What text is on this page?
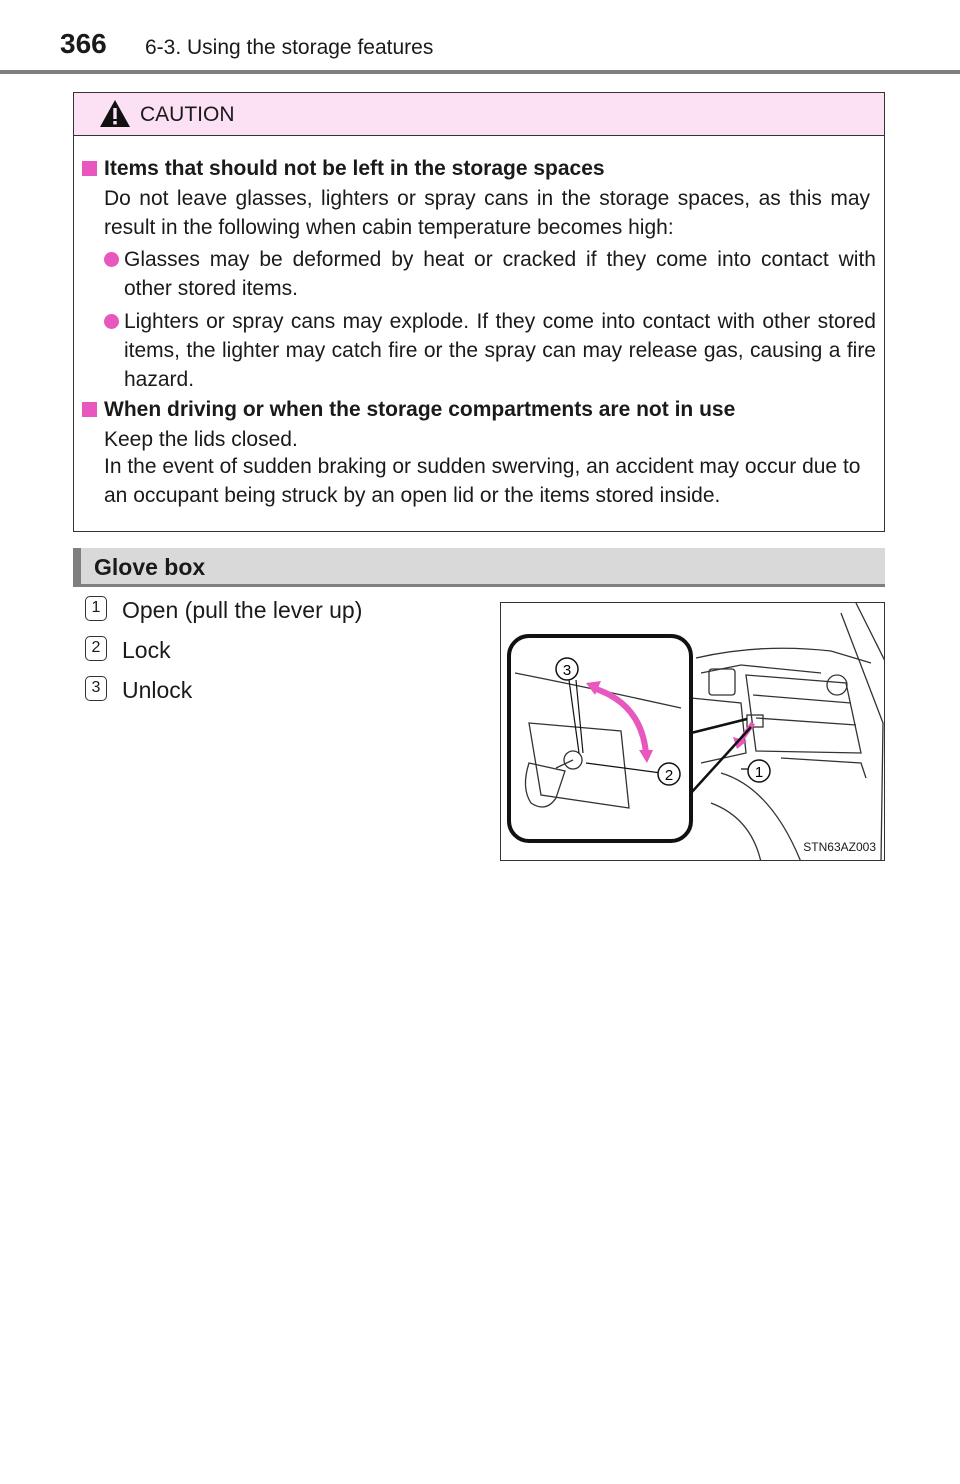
366 6-3. Using the storage features
CAUTION
Items that should not be left in the storage spaces
Do not leave glasses, lighters or spray cans in the storage spaces, as this may result in the following when cabin temperature becomes high:
Glasses may be deformed by heat or cracked if they come into contact with other stored items.
Lighters or spray cans may explode. If they come into contact with other stored items, the lighter may catch fire or the spray can may release gas, causing a fire hazard.
When driving or when the storage compartments are not in use
Keep the lids closed.
In the event of sudden braking or sudden swerving, an accident may occur due to an occupant being struck by an open lid or the items stored inside.
Glove box
1 Open (pull the lever up)
2 Lock
3 Unlock
3
2	1
STN63AZ003
